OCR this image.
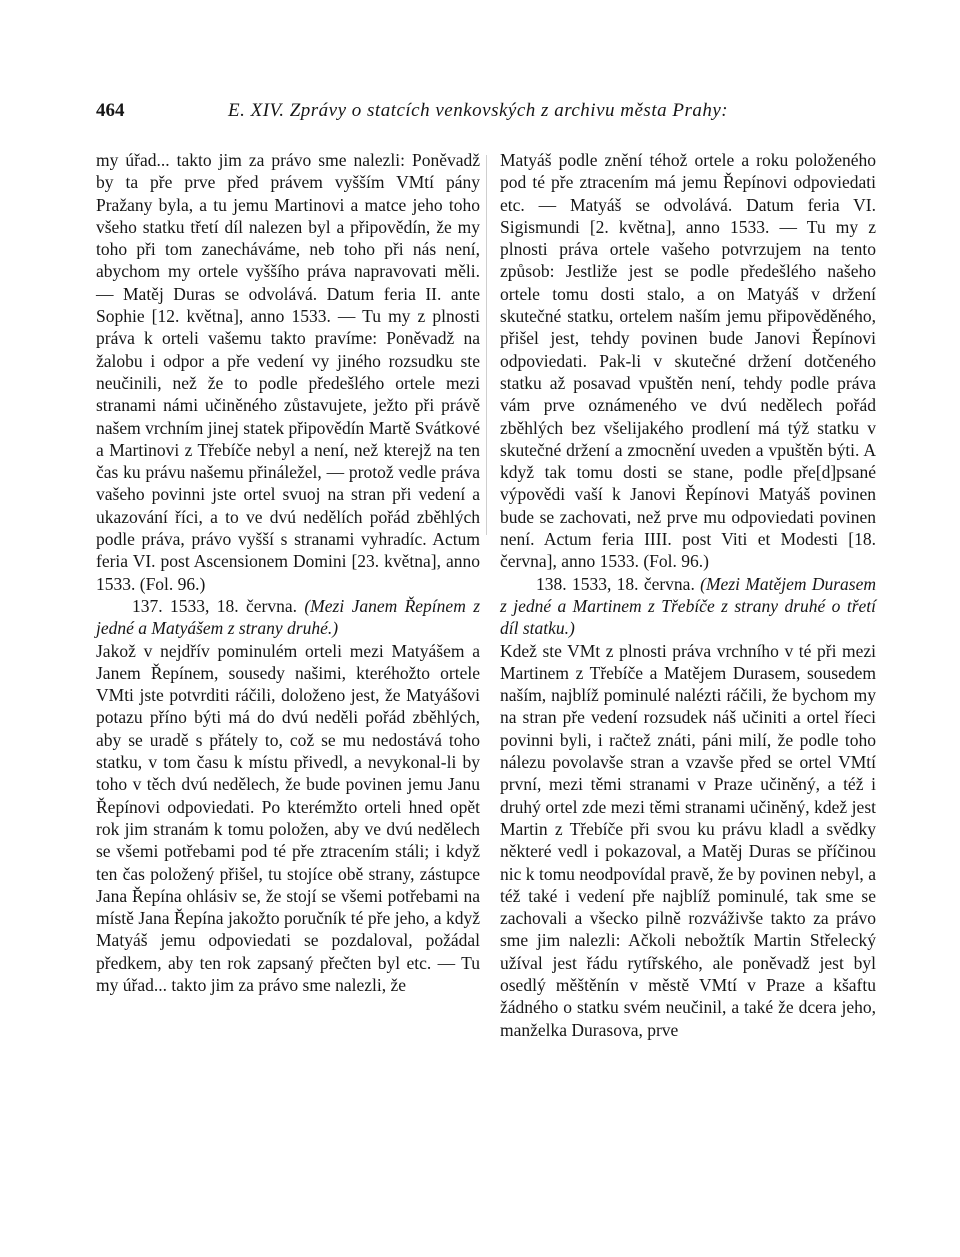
464	E. XIV. Zprávy o statcích venkovských z archivu města Prahy:

my úřad... takto jim za právo sme nalezli: Poněvadž by ta pře prve před právem vyšším VMtí pány Pražany byla, a tu jemu Martinovi a matce jeho toho všeho statku třetí díl nalezen byl a připovědín, že my toho při tom zanecháváme, neb toho při nás není, abychom my ortele vyššího práva napravovati měli. — Matěj Duras se odvolává. Datum feria II. ante Sophie [12. května], anno 1533. — Tu my z plnosti práva k orteli vašemu takto pravíme: Poněvadž na žalobu i odpor a pře vedení vy jiného rozsudku ste neučinili, než že to podle předešlého ortele mezi stranami námi učiněného zůstavujete, ježto při právě našem vrchním jinej statek připovědín Martě Svátkové a Martinovi z Třebíče nebyl a není, než kterejž na ten čas ku právu našemu přináležel, — protož vedle práva vašeho povinni jste ortel svuoj na stran při vedení a ukazování říci, a to ve dvú nedělích pořád zběhlých podle práva, právo vyšší s stranami vyhradíc. Actum feria VI. post Ascensionem Domini [23. května], anno 1533. (Fol. 96.)

137. 1533, 18. června. (Mezi Janem Řepínem z jedné a Matyášem z strany druhé.)
Jakož v nejdřív pominulém orteli mezi Matyášem a Janem Řepínem, sousedy našimi, kteréhožto ortele VMti jste potvrditi ráčili, doloženo jest, že Matyášovi potazu příno býti má do dvú neděli pořád zběhlých, aby se uradě s přátely to, což se mu nedostává toho statku, v tom času k místu přivedl, a nevykonal-li by toho v těch dvú nedělech, že bude povinen jemu Janu Řepínovi odpoviedati. Po kterémžto orteli hned opět rok jim stranám k tomu položen, aby ve dvú nedělech se všemi potřebami pod té pře ztracením stáli; i když ten čas položený přišel, tu stojíce obě strany, zástupce Jana Řepína ohlásiv se, že stojí se všemi potřebami na místě Jana Řepína jakožto poručník té pře jeho, a když Matyáš jemu odpoviedati se pozdaloval, požádal předkem, aby ten rok zapsaný přečten byl etc. — Tu my úřad... takto jim za právo sme nalezli, že

Matyáš podle znění téhož ortele a roku položeného pod té pře ztracením má jemu Řepínovi odpoviedati etc. — Matyáš se odvolává. Datum feria VI. Sigismundi [2. května], anno 1533. — Tu my z plnosti práva ortele vašeho potvrzujem na tento způsob: Jestliže jest se podle předešlého našeho ortele tomu dosti stalo, a on Matyáš v držení skutečné statku, ortelem naším jemu připověděného, přišel jest, tehdy povinen bude Janovi Řepínovi odpoviedati. Pak-li v skutečné držení dotčeného statku až posavad vpuštěn není, tehdy podle práva vám prve oznámeného ve dvú nedělech pořád zběhlých bez všelijakého prodlení má týž statku v skutečné držení a zmocnění uveden a vpuštěn býti. A když tak tomu dosti se stane, podle pře[d]psané výpovědi vaší k Janovi Řepínovi Matyáš povinen bude se zachovati, než prve mu odpoviedati povinen není. Actum feria IIII. post Viti et Modesti [18. června], anno 1533. (Fol. 96.)

138. 1533, 18. června. (Mezi Matějem Durasem z jedné a Martinem z Třebíče z strany druhé o třetí díl statku.)
Kdež ste VMt z plnosti práva vrchního v té při mezi Martinem z Třebíče a Matějem Durasem, sousedem naším, najblíž pominulé nalézti ráčili, že bychom my na stran pře vedení rozsudek náš učiniti a ortel říeci povinni byli, i račtež znáti, páni milí, že podle toho nálezu povolavše stran a vzavše před se ortel VMtí první, mezi těmi stranami v Praze učiněný, a též i druhý ortel zde mezi těmi stranami učiněný, kdež jest Martin z Třebíče při svou ku právu kladl a svědky některé vedl i pokazoval, a Matěj Duras se příčinou nic k tomu neodpovídal pravě, že by povinen nebyl, a též také i vedení pře najblíž pominulé, tak sme se zachovali a všecko pilně rozváživše takto za právo sme jim nalezli: Ačkoli nebožtík Martin Střelecký užíval jest řádu rytířského, ale poněvadž jest byl osedlý měštěnín v městě VMtí v Praze a kšaftu žádného o statku svém neučinil, a také že dcera jeho, manželka Durasova, prve
